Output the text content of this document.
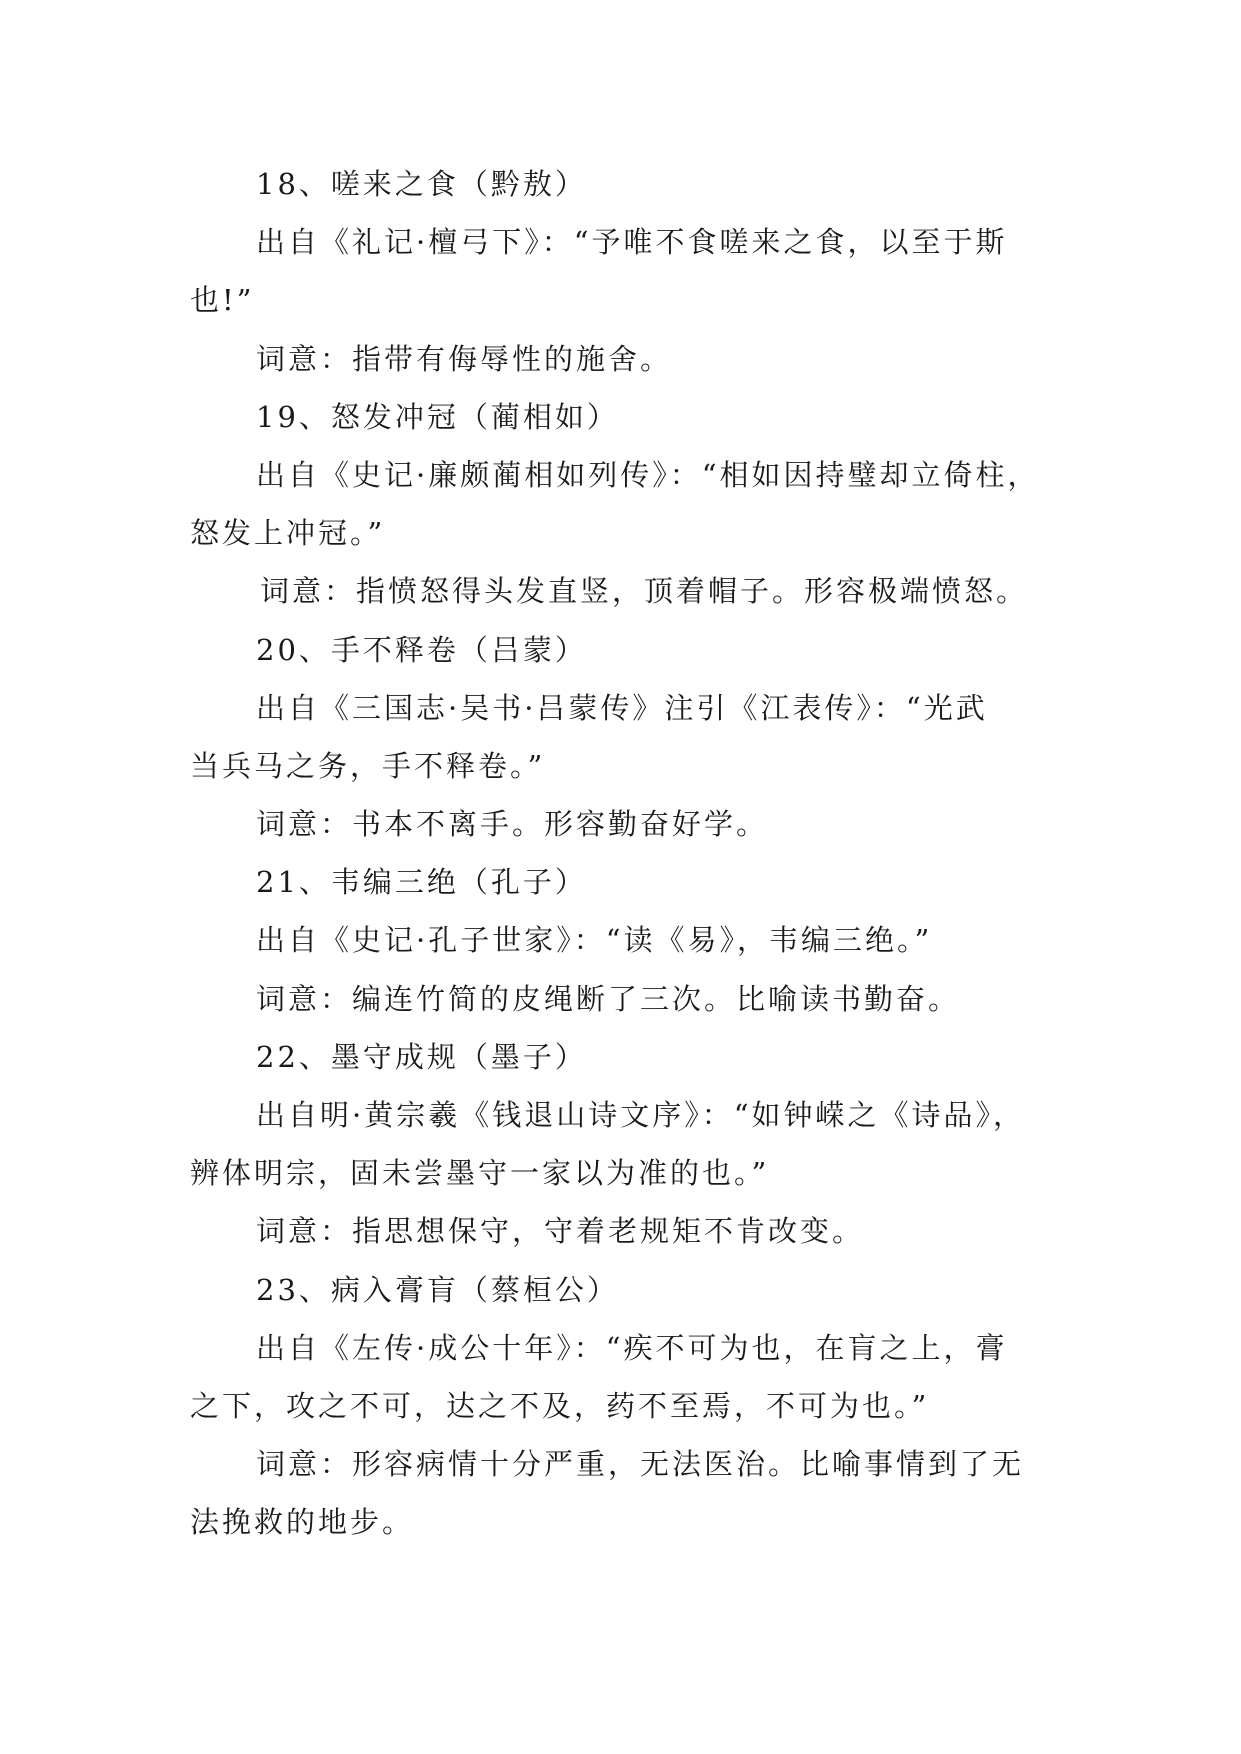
18、嗟来之食（黔敖）

出自《礼记·檀弓下》：“予唯不食嗟来之食，以至于斯

也!”

词意：指带有侮辱性的施舍。

19、怒发冲冠（蔺相如）

出自《史记·廉颇蔺相如列传》：“相如因持璧却立倚柱，

怒发上冲冠。”

词意：指愤怒得头发直竖，顶着帽子。形容极端愤怒。

20、手不释卷（吕蒙）

出自《三国志·吴书·吕蒙传》注引《江表传》：“光武

当兵马之务，手不释卷。”

词意：书本不离手。形容勤奋好学。

21、韦编三绝（孔子）

出自《史记·孔子世家》：“读《易》，韦编三绝。”

词意：编连竹简的皮绳断了三次。比喻读书勤奋。

22、墨守成规（墨子）

出自明·黄宗羲《钱退山诗文序》：“如钟嵘之《诗品》，

辨体明宗，固未尝墨守一家以为准的也。”

词意：指思想保守，守着老规矩不肯改变。

23、病入膏肓（蔡桓公）

出自《左传·成公十年》：“疾不可为也，在肓之上，膏

之下，攻之不可，达之不及，药不至焉，不可为也。”

词意：形容病情十分严重，无法医治。比喻事情到了无

法挽救的地步。
